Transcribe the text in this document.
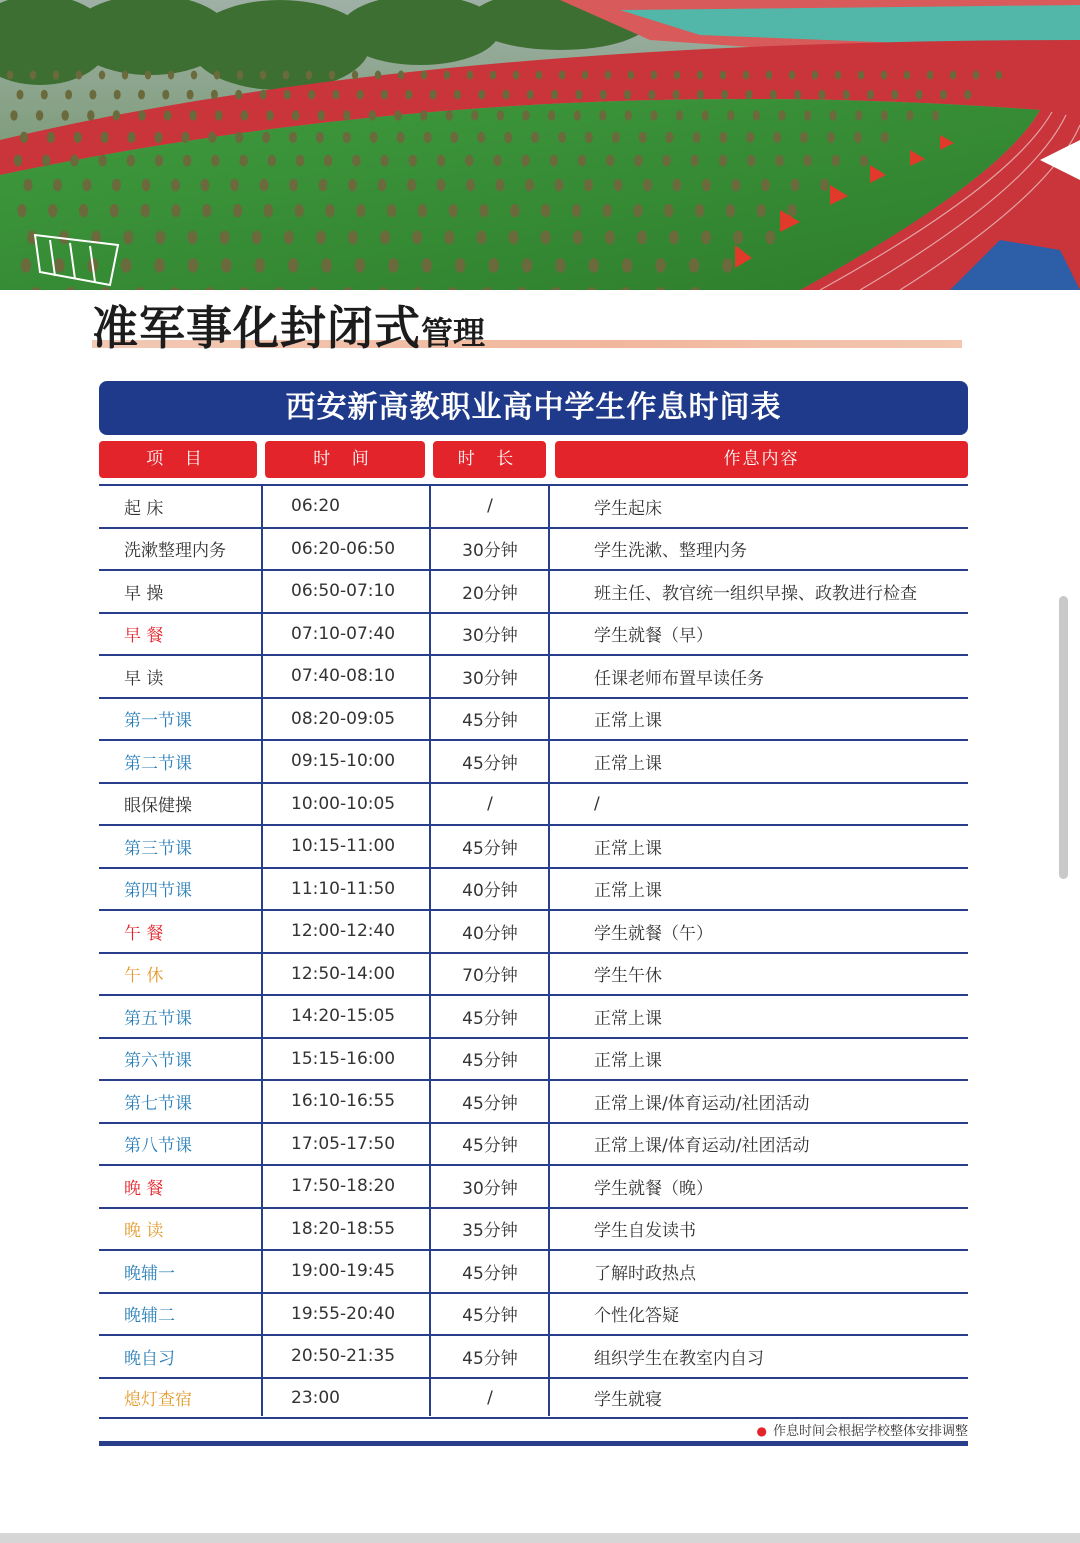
准军事化封闭式管理
西安新高教职业高中学生作息时间表
项 目	时 间	时 长	作息内容
起 床	06:20	/	学生起床
洗漱整理内务	06:20-06:50	30分钟	学生洗漱、整理内务
早 操	06:50-07:10	20分钟	班主任、教官统一组织早操、政教进行检查
早 餐	07:10-07:40	30分钟	学生就餐（早）
早 读	07:40-08:10	30分钟	任课老师布置早读任务
第一节课	08:20-09:05	45分钟	正常上课
第二节课	09:15-10:00	45分钟	正常上课
眼保健操	10:00-10:05	/	/
第三节课	10:15-11:00	45分钟	正常上课
第四节课	11:10-11:50	40分钟	正常上课
午 餐	12:00-12:40	40分钟	学生就餐（午）
午 休	12:50-14:00	70分钟	学生午休
第五节课	14:20-15:05	45分钟	正常上课
第六节课	15:15-16:00	45分钟	正常上课
第七节课	16:10-16:55	45分钟	正常上课/体育运动/社团活动
第八节课	17:05-17:50	45分钟	正常上课/体育运动/社团活动
晚 餐	17:50-18:20	30分钟	学生就餐（晚）
晚 读	18:20-18:55	35分钟	学生自发读书
晚辅一	19:00-19:45	45分钟	了解时政热点
晚辅二	19:55-20:40	45分钟	个性化答疑
晚自习	20:50-21:35	45分钟	组织学生在教室内自习
熄灯查宿	23:00	/	学生就寝
● 作息时间会根据学校整体安排调整
